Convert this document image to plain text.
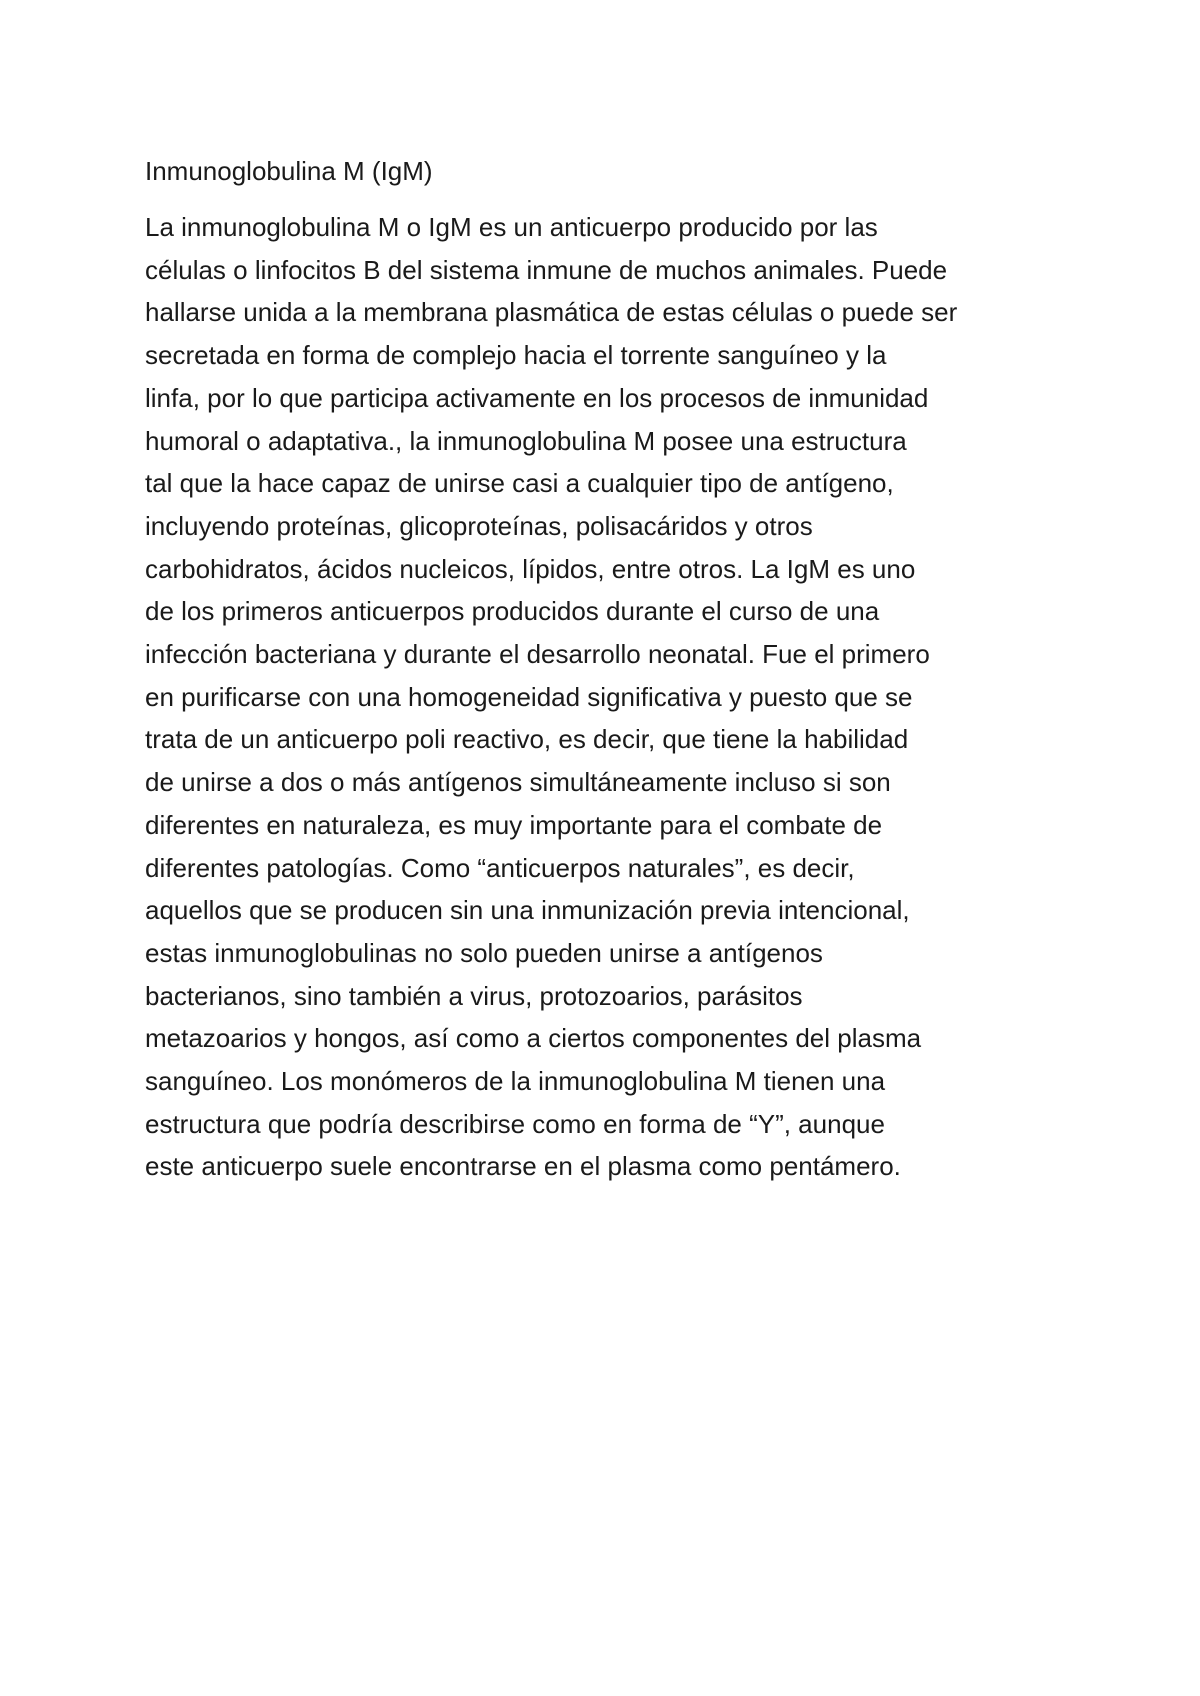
Inmunoglobulina M (IgM)
La inmunoglobulina M o IgM es un anticuerpo producido por las
células o linfocitos B del sistema inmune de muchos animales. Puede
hallarse unida a la membrana plasmática de estas células o puede ser
secretada en forma de complejo hacia el torrente sanguíneo y la
linfa, por lo que participa activamente en los procesos de inmunidad
humoral o adaptativa., la inmunoglobulina M posee una estructura
tal que la hace capaz de unirse casi a cualquier tipo de antígeno,
incluyendo proteínas, glicoproteínas, polisacáridos y otros
carbohidratos, ácidos nucleicos, lípidos, entre otros. La IgM es uno
de los primeros anticuerpos producidos durante el curso de una
infección bacteriana y durante el desarrollo neonatal. Fue el primero
en purificarse con una homogeneidad significativa y puesto que se
trata de un anticuerpo poli reactivo, es decir, que tiene la habilidad
de unirse a dos o más antígenos simultáneamente incluso si son
diferentes en naturaleza, es muy importante para el combate de
diferentes patologías. Como “anticuerpos naturales”, es decir,
aquellos que se producen sin una inmunización previa intencional,
estas inmunoglobulinas no solo pueden unirse a antígenos
bacterianos, sino también a virus, protozoarios, parásitos
metazoarios y hongos, así como a ciertos componentes del plasma
sanguíneo. Los monómeros de la inmunoglobulina M tienen una
estructura que podría describirse como en forma de “Y”, aunque
este anticuerpo suele encontrarse en el plasma como pentámero.
